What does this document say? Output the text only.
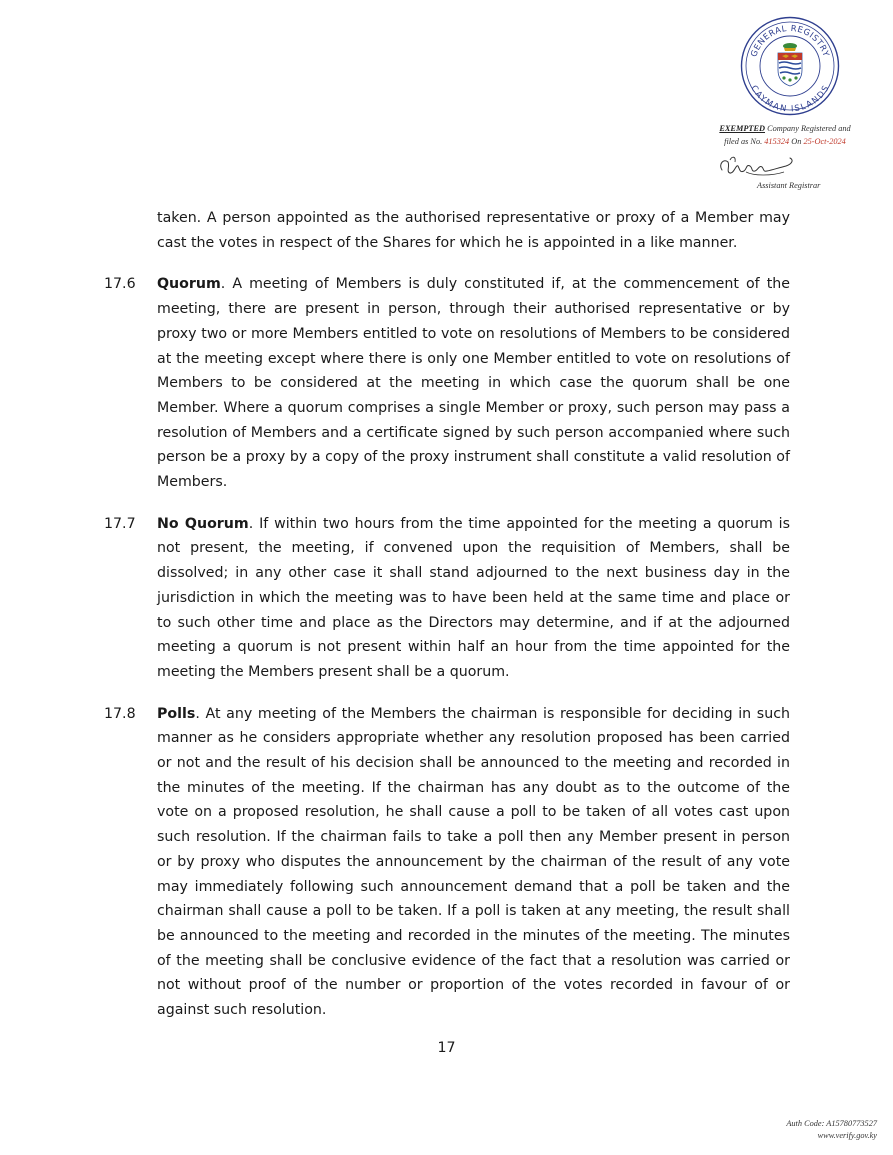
GENERAL REGISTRY
CAYMAN ISLANDS
EXEMPTED Company Registered and
filed as No. 415324 On 25-Oct-2024
Assistant Registrar

taken. A person appointed as the authorised representative or proxy of a Member may cast the votes in respect of the Shares for which he is appointed in a like manner.

17.6 Quorum. A meeting of Members is duly constituted if, at the commencement of the meeting, there are present in person, through their authorised representative or by proxy two or more Members entitled to vote on resolutions of Members to be considered at the meeting except where there is only one Member entitled to vote on resolutions of Members to be considered at the meeting in which case the quorum shall be one Member. Where a quorum comprises a single Member or proxy, such person may pass a resolution of Members and a certificate signed by such person accompanied where such person be a proxy by a copy of the proxy instrument shall constitute a valid resolution of Members.

17.7 No Quorum. If within two hours from the time appointed for the meeting a quorum is not present, the meeting, if convened upon the requisition of Members, shall be dissolved; in any other case it shall stand adjourned to the next business day in the jurisdiction in which the meeting was to have been held at the same time and place or to such other time and place as the Directors may determine, and if at the adjourned meeting a quorum is not present within half an hour from the time appointed for the meeting the Members present shall be a quorum.

17.8 Polls. At any meeting of the Members the chairman is responsible for deciding in such manner as he considers appropriate whether any resolution proposed has been carried or not and the result of his decision shall be announced to the meeting and recorded in the minutes of the meeting. If the chairman has any doubt as to the outcome of the vote on a proposed resolution, he shall cause a poll to be taken of all votes cast upon such resolution. If the chairman fails to take a poll then any Member present in person or by proxy who disputes the announcement by the chairman of the result of any vote may immediately following such announcement demand that a poll be taken and the chairman shall cause a poll to be taken. If a poll is taken at any meeting, the result shall be announced to the meeting and recorded in the minutes of the meeting. The minutes of the meeting shall be conclusive evidence of the fact that a resolution was carried or not without proof of the number or proportion of the votes recorded in favour of or against such resolution.

17
Auth Code: A15780773527
www.verify.gov.ky
